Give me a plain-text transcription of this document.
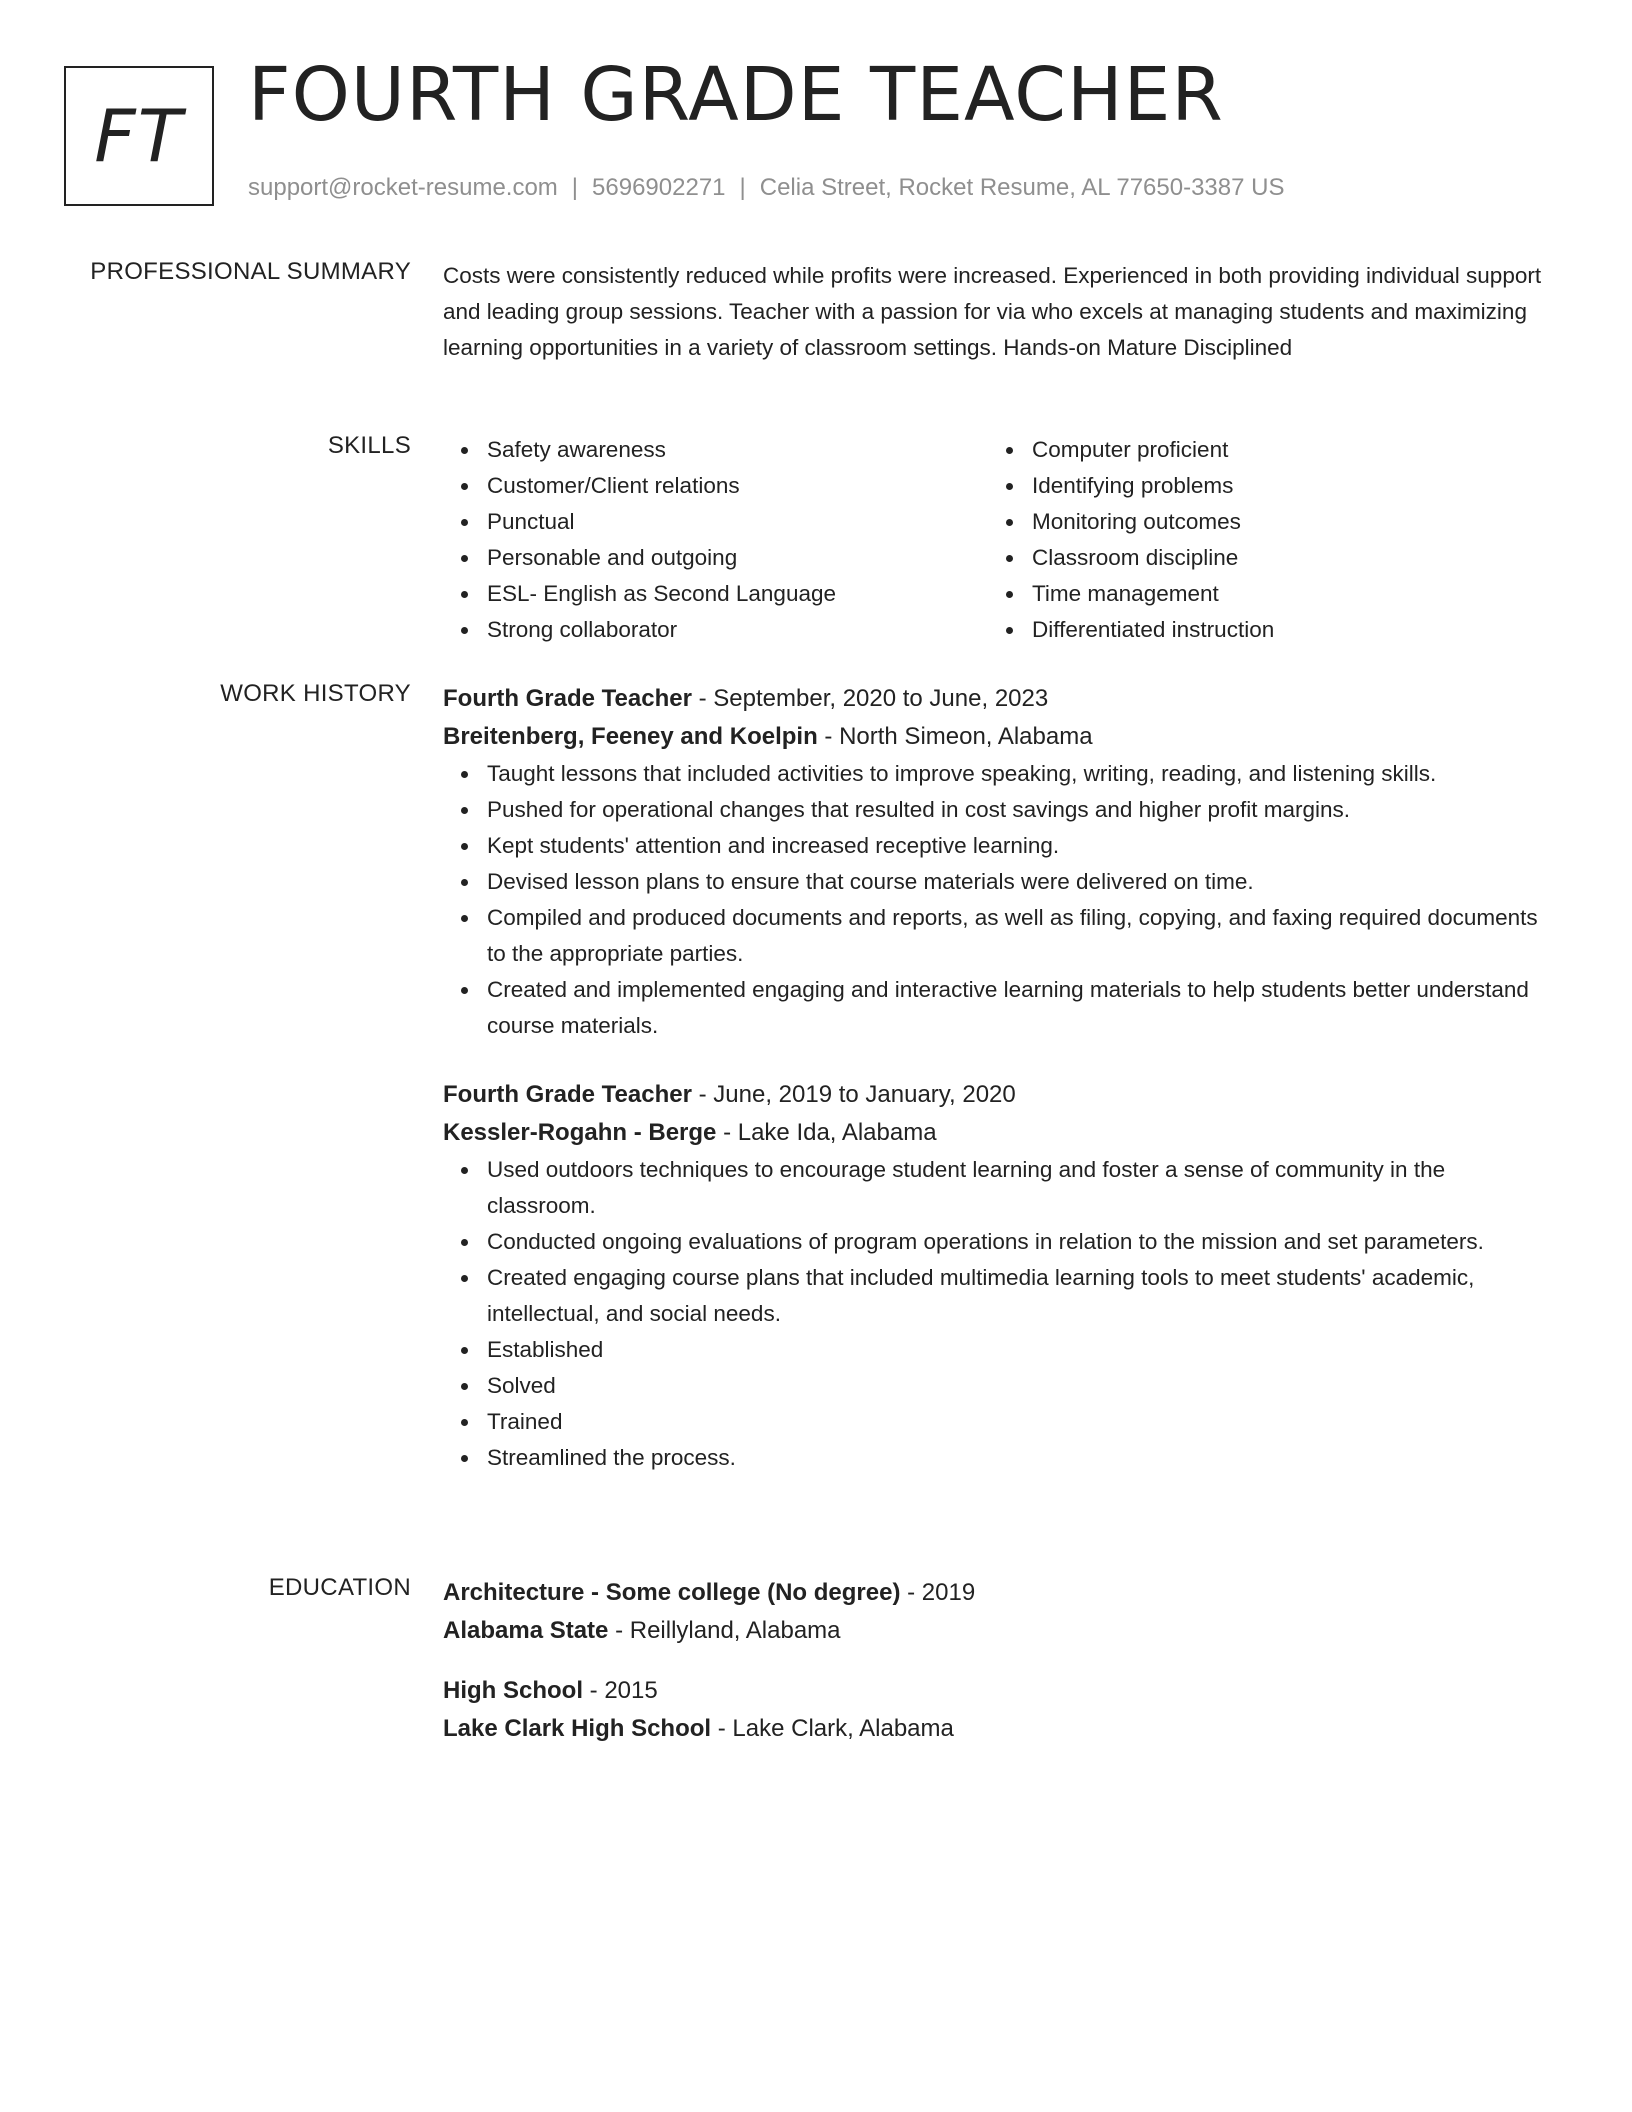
FT FOURTH GRADE TEACHER
support@rocket-resume.com | 5696902271 | Celia Street, Rocket Resume, AL 77650-3387 US
PROFESSIONAL SUMMARY Costs were consistently reduced while profits were increased. Experienced in both providing individual support and leading group sessions. Teacher with a passion for via who excels at managing students and maximizing learning opportunities in a variety of classroom settings. Hands-on Mature Disciplined

SKILLS	Safety awareness
Customer/Client relations
Punctual
Personable and outgoing
ESL- English as Second Language
Strong collaborator
Computer proficient
Identifying problems
Monitoring outcomes
Classroom discipline
Time management
Differentiated instruction
WORK HISTORY Fourth Grade Teacher - September, 2020 to June, 2023
Breitenberg, Feeney and Koelpin - North Simeon, Alabama
Taught lessons that included activities to improve speaking, writing, reading, and listening skills.
Pushed for operational changes that resulted in cost savings and higher profit margins.
Kept students' attention and increased receptive learning.
Devised lesson plans to ensure that course materials were delivered on time.
Compiled and produced documents and reports, as well as filing, copying, and faxing required documents to the appropriate parties.
Created and implemented engaging and interactive learning materials to help students better understand course materials.
Fourth Grade Teacher - June, 2019 to January, 2020
Kessler-Rogahn - Berge - Lake Ida, Alabama
Used outdoors techniques to encourage student learning and foster a sense of community in the classroom.
Conducted ongoing evaluations of program operations in relation to the mission and set parameters.
Created engaging course plans that included multimedia learning tools to meet students' academic, intellectual, and social needs.
Established
Solved
Trained
Streamlined the process.
EDUCATION Architecture - Some college (No degree) - 2019
Alabama State - Reillyland, Alabama
High School - 2015
Lake Clark High School - Lake Clark, Alabama
